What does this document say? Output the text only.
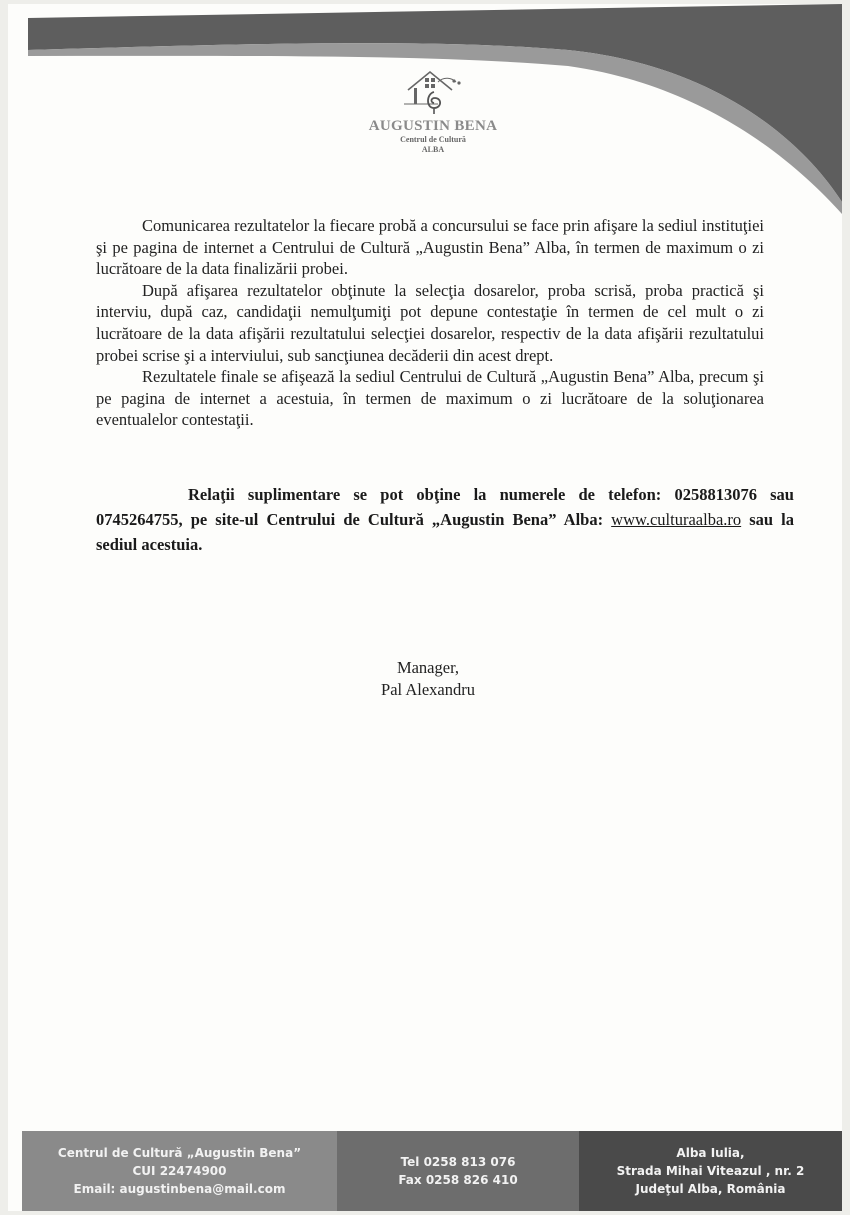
AUGUSTIN BENA
Centrul de Cultură
ALBA

Comunicarea rezultatelor la fiecare probă a concursului se face prin afişare la sediul instituţiei şi pe pagina de internet a Centrului de Cultură „Augustin Bena” Alba, în termen de maximum o zi lucrătoare de la data finalizării probei.

După afişarea rezultatelor obţinute la selecţia dosarelor, proba scrisă, proba practică şi interviu, după caz, candidaţii nemulţumiţi pot depune contestaţie în termen de cel mult o zi lucrătoare de la data afişării rezultatului selecţiei dosarelor, respectiv de la data afişării rezultatului probei scrise şi a interviului, sub sancţiunea decăderii din acest drept.

Rezultatele finale se afişează la sediul Centrului de Cultură „Augustin Bena” Alba, precum şi pe pagina de internet a acestuia, în termen de maximum o zi lucrătoare de la soluţionarea eventualelor contestaţii.

Relaţii suplimentare se pot obţine la numerele de telefon: 0258813076 sau 0745264755, pe site-ul Centrului de Cultură „Augustin Bena” Alba: www.culturaalba.ro sau la sediul acestuia.
Manager,
Pal Alexandru
Centrul de Cultură „Augustin Bena”
CUI 22474900
Email: augustinbena@mail.com
Tel 0258 813 076
Fax 0258 826 410
Alba Iulia,
Strada Mihai Viteazul , nr. 2
Judeţul Alba, România
